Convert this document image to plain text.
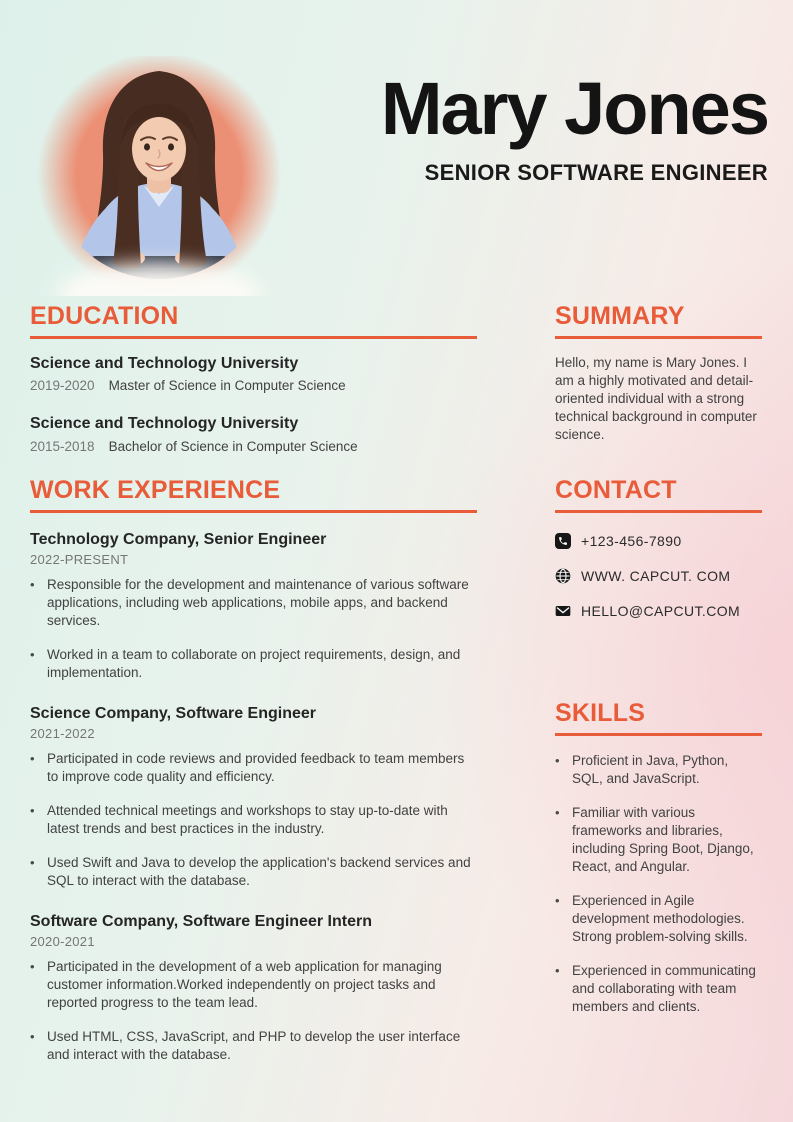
Mary Jones
SENIOR SOFTWARE ENGINEER
EDUCATION
Science and Technology University
2019-2020 Master of Science in Computer Science
Science and Technology University
2015-2018 Bachelor of Science in Computer Science
WORK EXPERIENCE
Technology Company, Senior Engineer
2022-PRESENT
• Responsible for the development and maintenance of various software applications, including web applications, mobile apps, and backend services.
• Worked in a team to collaborate on project requirements, design, and implementation.
Science Company, Software Engineer
2021-2022
• Participated in code reviews and provided feedback to team members to improve code quality and efficiency.
• Attended technical meetings and workshops to stay up-to-date with latest trends and best practices in the industry.
• Used Swift and Java to develop the application's backend services and SQL to interact with the database.
Software Company, Software Engineer Intern
2020-2021
• Participated in the development of a web application for managing customer information.Worked independently on project tasks and reported progress to the team lead.
• Used HTML, CSS, JavaScript, and PHP to develop the user interface and interact with the database.
SUMMARY
Hello, my name is Mary Jones. I am a highly motivated and detail-oriented individual with a strong technical background in computer science.
CONTACT
+123-456-7890
WWW. CAPCUT. COM
HELLO@CAPCUT.COM
SKILLS
• Proficient in Java, Python, SQL, and JavaScript.
• Familiar with various frameworks and libraries, including Spring Boot, Django, React, and Angular.
• Experienced in Agile development methodologies. Strong problem-solving skills.
• Experienced in communicating and collaborating with team members and clients.
